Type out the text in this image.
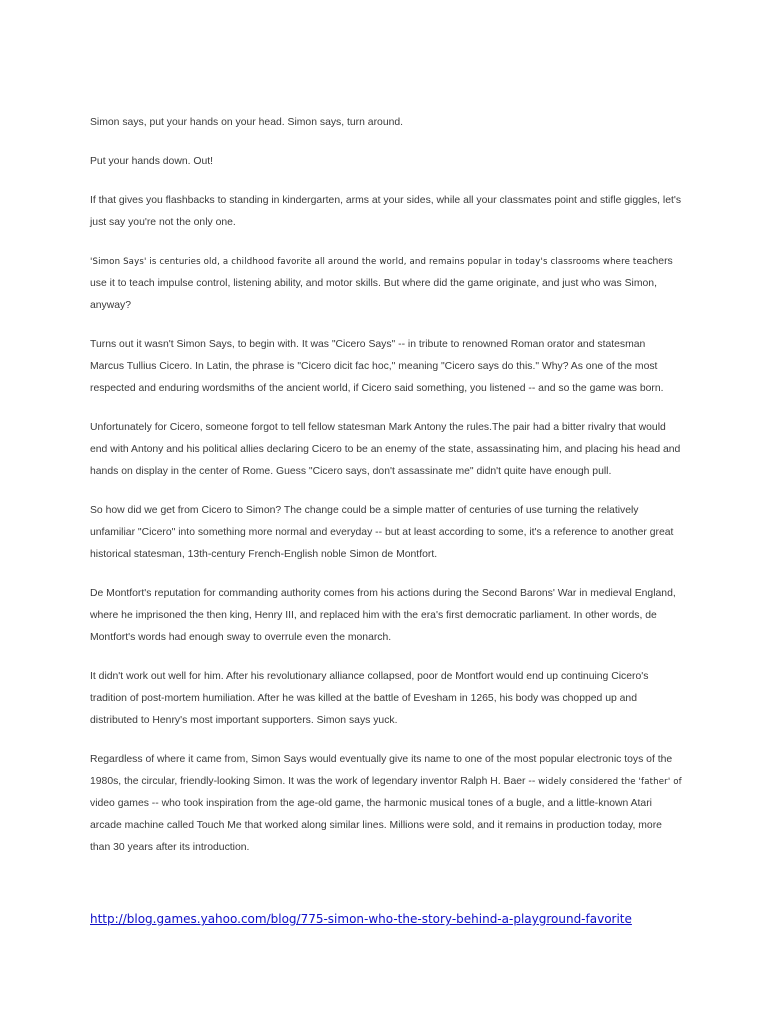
Simon says, put your hands on your head. Simon says, turn around.

Put your hands down. Out!

If that gives you flashbacks to standing in kindergarten, arms at your sides, while all your classmates point and stifle giggles, let's just say you're not the only one.

'Simon Says' is centuries old, a childhood favorite all around the world, and remains popular in today's classrooms where teachers use it to teach impulse control, listening ability, and motor skills. But where did the game originate, and just who was Simon, anyway?

Turns out it wasn't Simon Says, to begin with. It was "Cicero Says" -- in tribute to renowned Roman orator and statesman Marcus Tullius Cicero. In Latin, the phrase is "Cicero dicit fac hoc," meaning "Cicero says do this." Why? As one of the most respected and enduring wordsmiths of the ancient world, if Cicero said something, you listened -- and so the game was born.

Unfortunately for Cicero, someone forgot to tell fellow statesman Mark Antony the rules.The pair had a bitter rivalry that would end with Antony and his political allies declaring Cicero to be an enemy of the state, assassinating him, and placing his head and hands on display in the center of Rome. Guess "Cicero says, don't assassinate me" didn't quite have enough pull.

So how did we get from Cicero to Simon? The change could be a simple matter of centuries of use turning the relatively unfamiliar "Cicero" into something more normal and everyday -- but at least according to some, it's a reference to another great historical statesman, 13th-century French-English noble Simon de Montfort.

De Montfort's reputation for commanding authority comes from his actions during the Second Barons' War in medieval England, where he imprisoned the then king, Henry III, and replaced him with the era's first democratic parliament. In other words, de Montfort's words had enough sway to overrule even the monarch.

It didn't work out well for him. After his revolutionary alliance collapsed, poor de Montfort would end up continuing Cicero's tradition of post-mortem humiliation. After he was killed at the battle of Evesham in 1265, his body was chopped up and distributed to Henry's most important supporters. Simon says yuck.

Regardless of where it came from, Simon Says would eventually give its name to one of the most popular electronic toys of the 1980s, the circular, friendly-looking Simon. It was the work of legendary inventor Ralph H. Baer -- widely considered the 'father' of video games -- who took inspiration from the age-old game, the harmonic musical tones of a bugle, and a little-known Atari arcade machine called Touch Me that worked along similar lines. Millions were sold, and it remains in production today, more than 30 years after its introduction.

http://blog.games.yahoo.com/blog/775-simon-who-the-story-behind-a-playground-favorite
